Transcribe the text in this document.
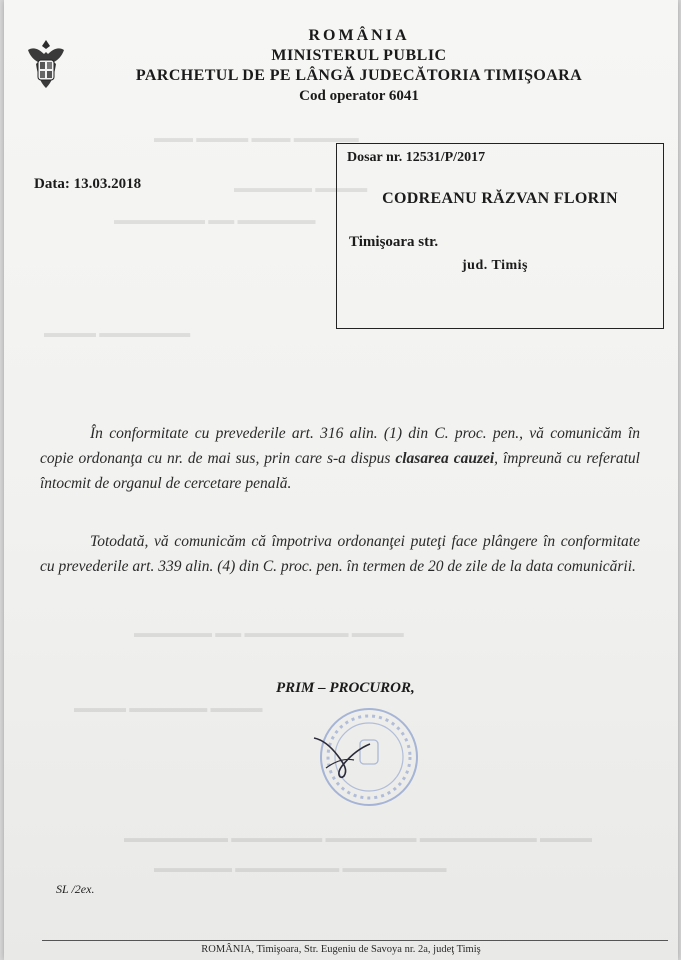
▬▬▬ ▬▬▬▬ ▬▬▬ ▬▬▬▬▬
▬▬▬▬▬▬ ▬▬▬▬
▬▬▬▬▬▬▬ ▬▬ ▬▬▬▬▬▬
▬▬▬▬ ▬▬▬▬▬▬▬
▬▬▬▬▬▬ ▬▬ ▬▬▬▬▬▬▬▬ ▬▬▬▬
▬▬▬▬ ▬▬▬▬▬▬ ▬▬▬▬
▬▬▬▬▬▬▬▬ ▬▬▬▬▬▬▬ ▬▬▬▬▬▬▬ ▬▬▬▬▬▬▬▬▬ ▬▬▬▬
▬▬▬▬▬▬ ▬▬▬▬▬▬▬▬ ▬▬▬▬▬▬▬▬
ROMÂNIA
MINISTERUL PUBLIC
PARCHETUL DE PE LÂNGĂ JUDECĂTORIA TIMIŞOARA
Cod operator 6041
Data: 13.03.2018
Dosar nr. 12531/P/2017
CODREANU RĂZVAN FLORIN
Timişoara str.
jud. Timiş
În conformitate cu prevederile art. 316 alin. (1) din C. proc. pen., vă comunicăm în copie ordonanţa cu nr. de mai sus, prin care s-a dispus clasarea cauzei, împreună cu referatul întocmit de organul de cercetare penală.
Totodată, vă comunicăm că împotriva ordonanţei puteţi face plângere în conformitate cu prevederile art. 339 alin. (4) din C. proc. pen. în termen de 20 de zile de la data comunicării.
PRIM – PROCUROR,
SL /2ex.
ROMÂNIA, Timişoara, Str. Eugeniu de Savoya nr. 2a, judeţ Timiş
